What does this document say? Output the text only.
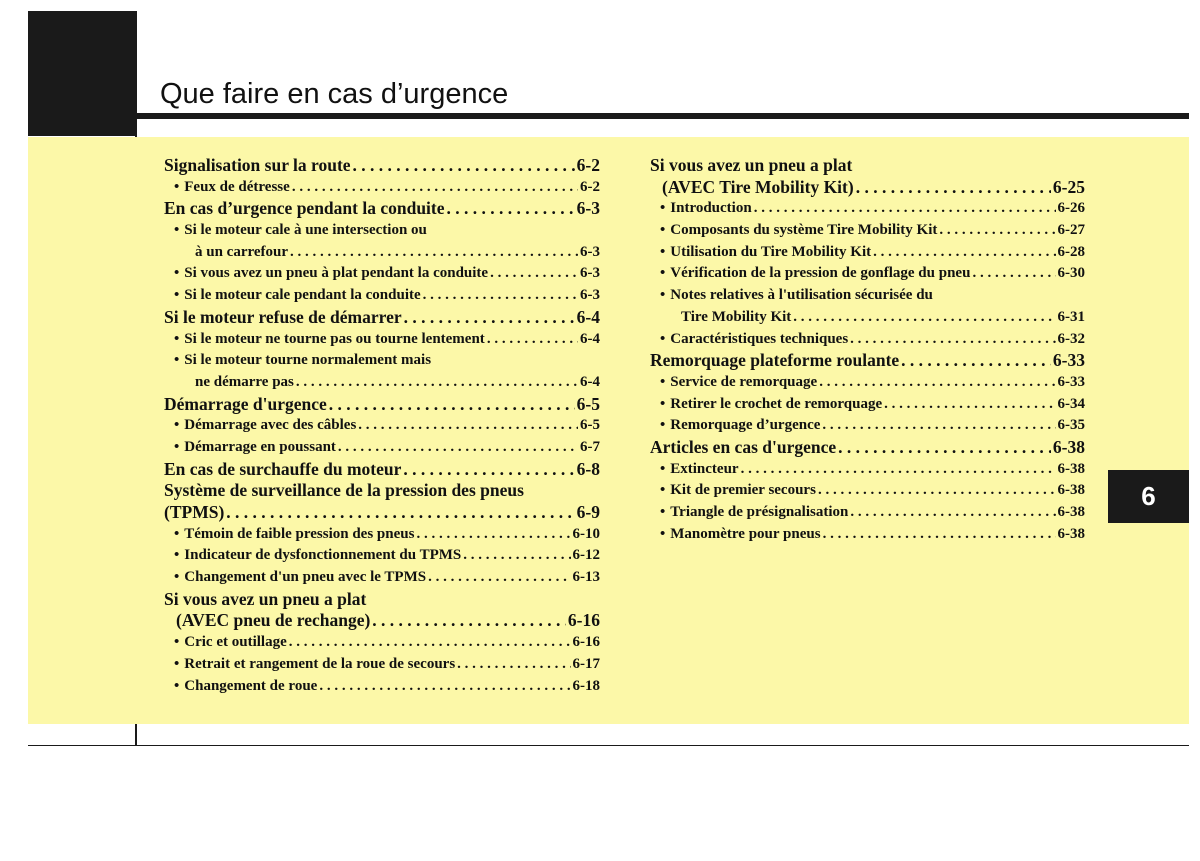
Que faire en cas d’urgence
6
Signalisation sur la route . . .	6-2
• Feux de détresse . . .	6-2
En cas d’urgence pendant la conduite . . .	6-3
• Si le moteur cale à une intersection ou
à un carrefour . . .	6-3
• Si vous avez un pneu à plat pendant la conduite . . .	6-3
• Si le moteur cale pendant la conduite . . .	6-3
Si le moteur refuse de démarrer . . .	6-4
• Si le moteur ne tourne pas ou tourne lentement . . .	6-4
• Si le moteur tourne normalement mais
ne démarre pas . . .	6-4
Démarrage d'urgence . . .	6-5
• Démarrage avec des câbles . . .	6-5
• Démarrage en poussant . . .	6-7
En cas de surchauffe du moteur . . .	6-8
Système de surveillance de la pression des pneus
(TPMS) . . .	6-9
• Témoin de faible pression des pneus . . .	6-10
• Indicateur de dysfonctionnement du TPMS . . .	6-12
• Changement d'un pneu avec le TPMS . . .	6-13
Si vous avez un pneu a plat
(AVEC pneu de rechange) . . .	6-16
• Cric et outillage . . .	6-16
• Retrait et rangement de la roue de secours . . .	6-17
• Changement de roue . . .	6-18
Si vous avez un pneu a plat
(AVEC Tire Mobility Kit) . . .	6-25
• Introduction . . .	6-26
• Composants du système Tire Mobility Kit . . .	6-27
• Utilisation du Tire Mobility Kit . . .	6-28
• Vérification de la pression de gonflage du pneu . . .	6-30
• Notes relatives à l'utilisation sécurisée du
Tire Mobility Kit . . .	6-31
• Caractéristiques techniques . . .	6-32
Remorquage plateforme roulante . . .	6-33
• Service de remorquage . . .	6-33
• Retirer le crochet de remorquage . . .	6-34
• Remorquage d’urgence . . .	6-35
Articles en cas d'urgence . . .	6-38
• Extincteur . . .	6-38
• Kit de premier secours . . .	6-38
• Triangle de présignalisation . . .	6-38
• Manomètre pour pneus . . .	6-38
